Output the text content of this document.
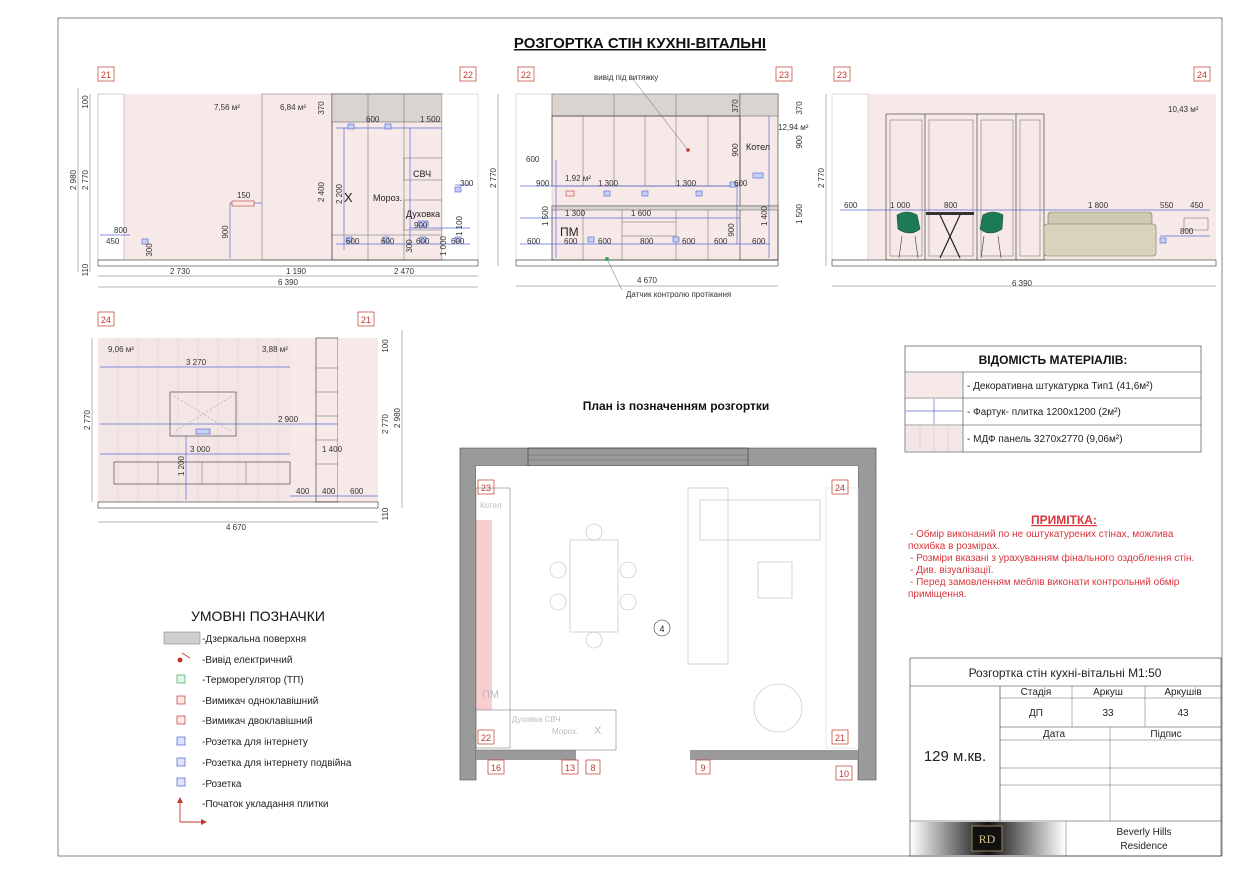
РОЗГОРТКА СТІН КУХНІ-ВІТАЛЬНІ
21	22
7,56 м²	6,84 м²
Мороз.
СВЧ
Духовка
Х
2 730	1 190	2 470
6 390
100
2 980 2 770
370
2 400 2 200
110
900
300
600	1 500
150
800
450
300
600	600	600	600
900	1 100
300	1 000
22	23
вивід під витяжку
12,94 м²
1,92 м²
Котел
ПМ
Датчик контролю протікання
4 670
2 770
370
900
1 500
370
900
1 400
900
1 500
600
900	1 300	1 300	600
1 300	1 600
600	600	800	600 600	600
600
23	24
10,43 м²
6 390
2 770
600	1 000	800	1 800	550 450
800
24	21
9,06 м²	3,88 м²
4 670
2 770
100
2 770 2 980
110
1 200
3 270
2 900
3 000	1 400
400 400 600
План із позначенням розгортки
4
23	24
22	21
16	13 8	9
10
Котел
ПМ
Духовка СВЧ
Мороз. Х
ВІДОМІСТЬ МАТЕРІАЛІВ:
- Декоративна штукатурка Тип1 (41,6м²)
- Фартук- плитка 1200х1200 (2м²)
- МДФ панель 3270х2770 (9,06м²)
ПРИМІТКА:
- Обмір виконаний по не оштукатурених стінах, можлива
похибка в розмірах.
- Розміри вказані з урахуванням фінального оздоблення стін.
- Див. візуалізації.
- Перед замовленням меблів виконати контрольний обмір
приміщення.
УМОВНІ ПОЗНАЧКИ
-Дзеркальна поверхня
-Вивід електричний
-Терморегулятор (ТП)
-Вимикач одноклавішний
-Вимикач двоклавішний
-Розетка для інтернету
-Розетка для інтернету подвійна
-Розетка
-Початок укладання плитки
Розгортка стін кухні-вітальні М1:50
Стадія	Аркуш	Аркушів
ДП	33	43
Дата	Підпис
129 м.кв.
RD	Beverly Hills
Residence
